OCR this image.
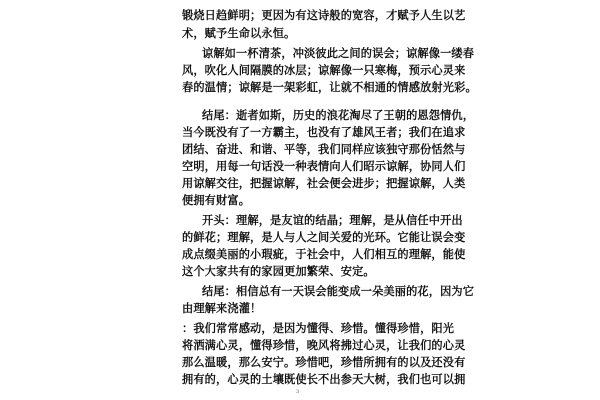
锻烧日趋鲜明；更因为有这诗般的宽容，才赋予人生以艺
术，赋予生命以永恒。
谅解如一杯清茶，冲淡彼此之间的误会；谅解像一缕春
风，吹化人间隔膜的冰层；谅解像一只寒梅，预示心灵来
春的温情；谅解是一架彩虹，让就不相通的情感放射光彩。
结尾：逝者如斯，历史的浪花淘尽了王朝的恩怨情仇，
当今既没有了一方霸主，也没有了雄风王者；我们在追求
团结、奋进、和谐、平等，我们同样应该独守那份恬然与
空明，用每一句话没一种表情向人们昭示谅解，协同人们
用谅解交往，把握谅解，社会便会进步；把握谅解，人类
便拥有财富。
开头：理解，是友谊的结晶；理解，是从信任中开出
的鲜花；理解，是人与人之间关爱的光环。它能让误会变
成点缀美丽的小瑕疵，于社会中，人们相互的理解，能使
这个大家共有的家园更加繁荣、安定。
结尾：相信总有一天误会能变成一朵美丽的花，因为它
由理解来浇灌！
：我们常常感动，是因为懂得、珍惜。懂得珍惜，阳光
将洒满心灵，懂得珍惜，晚风将拂过心灵，让我们的心灵
那么温暖，那么安宁。珍惜吧，珍惜所拥有的以及还没有
拥有的，心灵的土壤既使长不出参天大树，我们也可以拥
3
